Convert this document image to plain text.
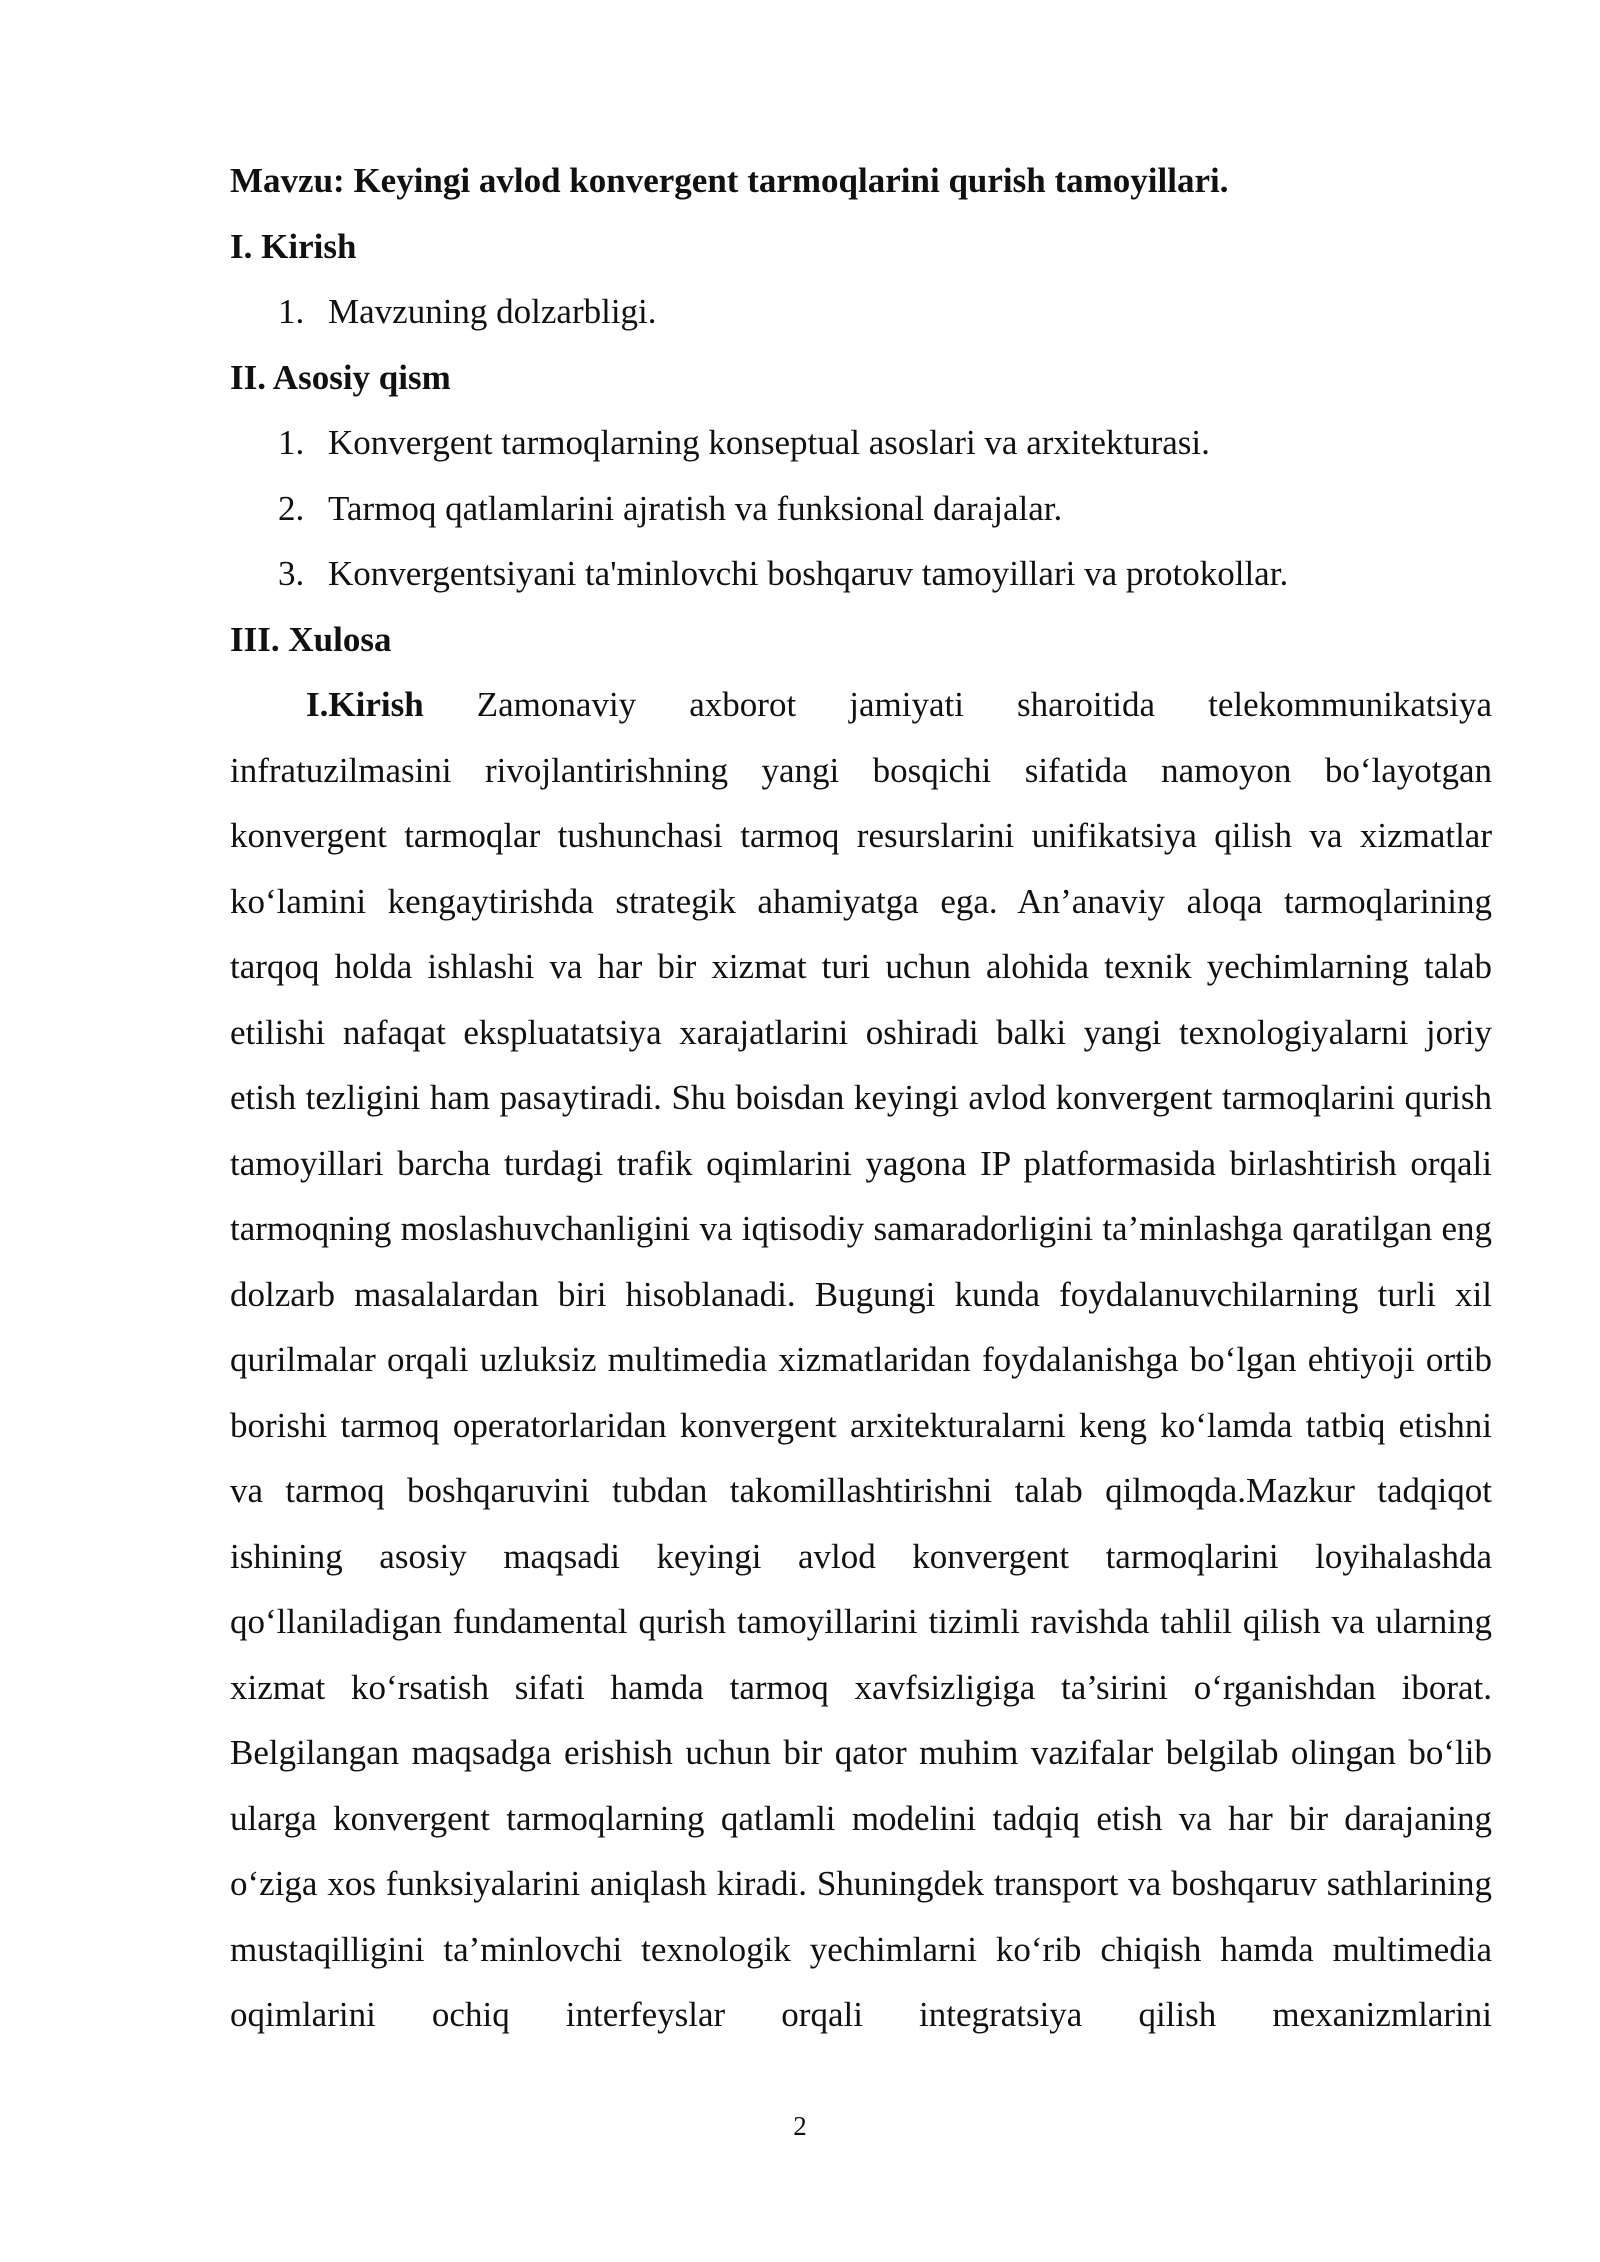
Mavzu: Keyingi avlod konvergent tarmoqlarini qurish tamoyillari.
I. Kirish
1. Mavzuning dolzarbligi.
II. Asosiy qism
1. Konvergent tarmoqlarning konseptual asoslari va arxitekturasi.
2. Tarmoq qatlamlarini ajratish va funksional darajalar.
3. Konvergentsiyani ta'minlovchi boshqaruv tamoyillari va protokollar.
III. Xulosa

I.Kirish Zamonaviy axborot jamiyati sharoitida telekommunikatsiya infratuzilmasini rivojlantirishning yangi bosqichi sifatida namoyon bo‘layotgan konvergent tarmoqlar tushunchasi tarmoq resurslarini unifikatsiya qilish va xizmatlar ko‘lamini kengaytirishda strategik ahamiyatga ega. An’anaviy aloqa tarmoqlarining tarqoq holda ishlashi va har bir xizmat turi uchun alohida texnik yechimlarning talab etilishi nafaqat ekspluatatsiya xarajatlarini oshiradi balki yangi texnologiyalarni joriy etish tezligini ham pasaytiradi. Shu boisdan keyingi avlod konvergent tarmoqlarini qurish tamoyillari barcha turdagi trafik oqimlarini yagona IP platformasida birlashtirish orqali tarmoqning moslashuvchanligini va iqtisodiy samaradorligini ta’minlashga qaratilgan eng dolzarb masalalardan biri hisoblanadi. Bugungi kunda foydalanuvchilarning turli xil qurilmalar orqali uzluksiz multimedia xizmatlaridan foydalanishga bo‘lgan ehtiyoji ortib borishi tarmoq operatorlaridan konvergent arxitekturalarni keng ko‘lamda tatbiq etishni va tarmoq boshqaruvini tubdan takomillashtirishni talab qilmoqda.Mazkur tadqiqot ishining asosiy maqsadi keyingi avlod konvergent tarmoqlarini loyihalashda qo‘llaniladigan fundamental qurish tamoyillarini tizimli ravishda tahlil qilish va ularning xizmat ko‘rsatish sifati hamda tarmoq xavfsizligiga ta’sirini o‘rganishdan iborat. Belgilangan maqsadga erishish uchun bir qator muhim vazifalar belgilab olingan bo‘lib ularga konvergent tarmoqlarning qatlamli modelini tadqiq etish va har bir darajaning o‘ziga xos funksiyalarini aniqlash kiradi. Shuningdek transport va boshqaruv sathlarining mustaqilligini ta’minlovchi texnologik yechimlarni ko‘rib chiqish hamda multimedia oqimlarini ochiq interfeyslar orqali integratsiya qilish mexanizmlarini

2
